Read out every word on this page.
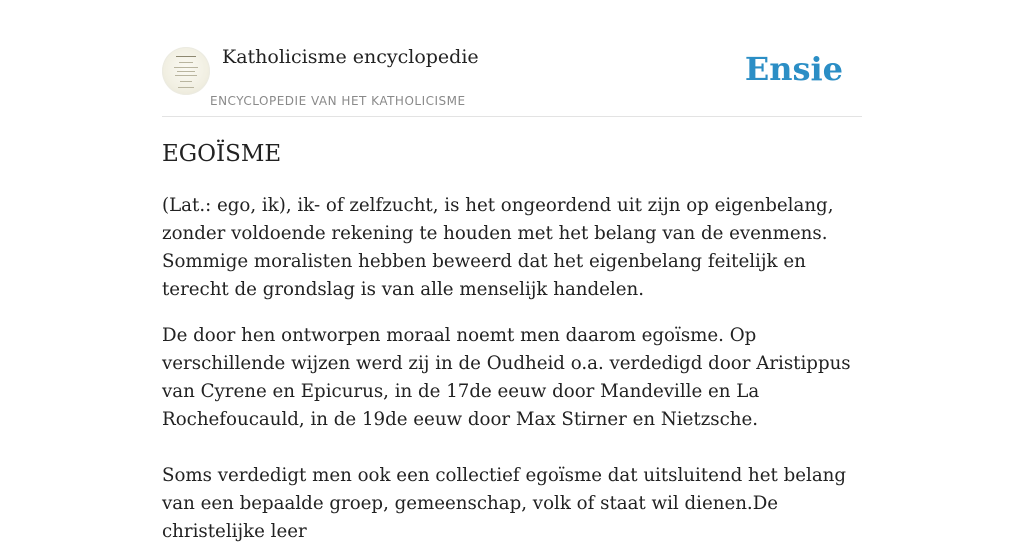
Katholicisme encyclopedie
ENCYCLOPEDIE VAN HET KATHOLICISME
Ensie
EGOÏSME

(Lat.: ego, ik), ik- of zelfzucht, is het ongeordend uit zijn op eigenbelang, zonder voldoende rekening te houden met het belang van de evenmens. Sommige moralisten hebben beweerd dat het eigenbelang feitelijk en terecht de grondslag is van alle menselijk handelen.

De door hen ontworpen moraal noemt men daarom egoïsme. Op verschillende wijzen werd zij in de Oudheid o.a. verdedigd door Aristippus van Cyrene en Epicurus, in de 17de eeuw door Mandeville en La Rochefoucauld, in de 19de eeuw door Max Stirner en Nietzsche.

Soms verdedigt men ook een collectief egoïsme dat uitsluitend het belang van een bepaalde groep, gemeenschap, volk of staat wil dienen.De christelijke leer
